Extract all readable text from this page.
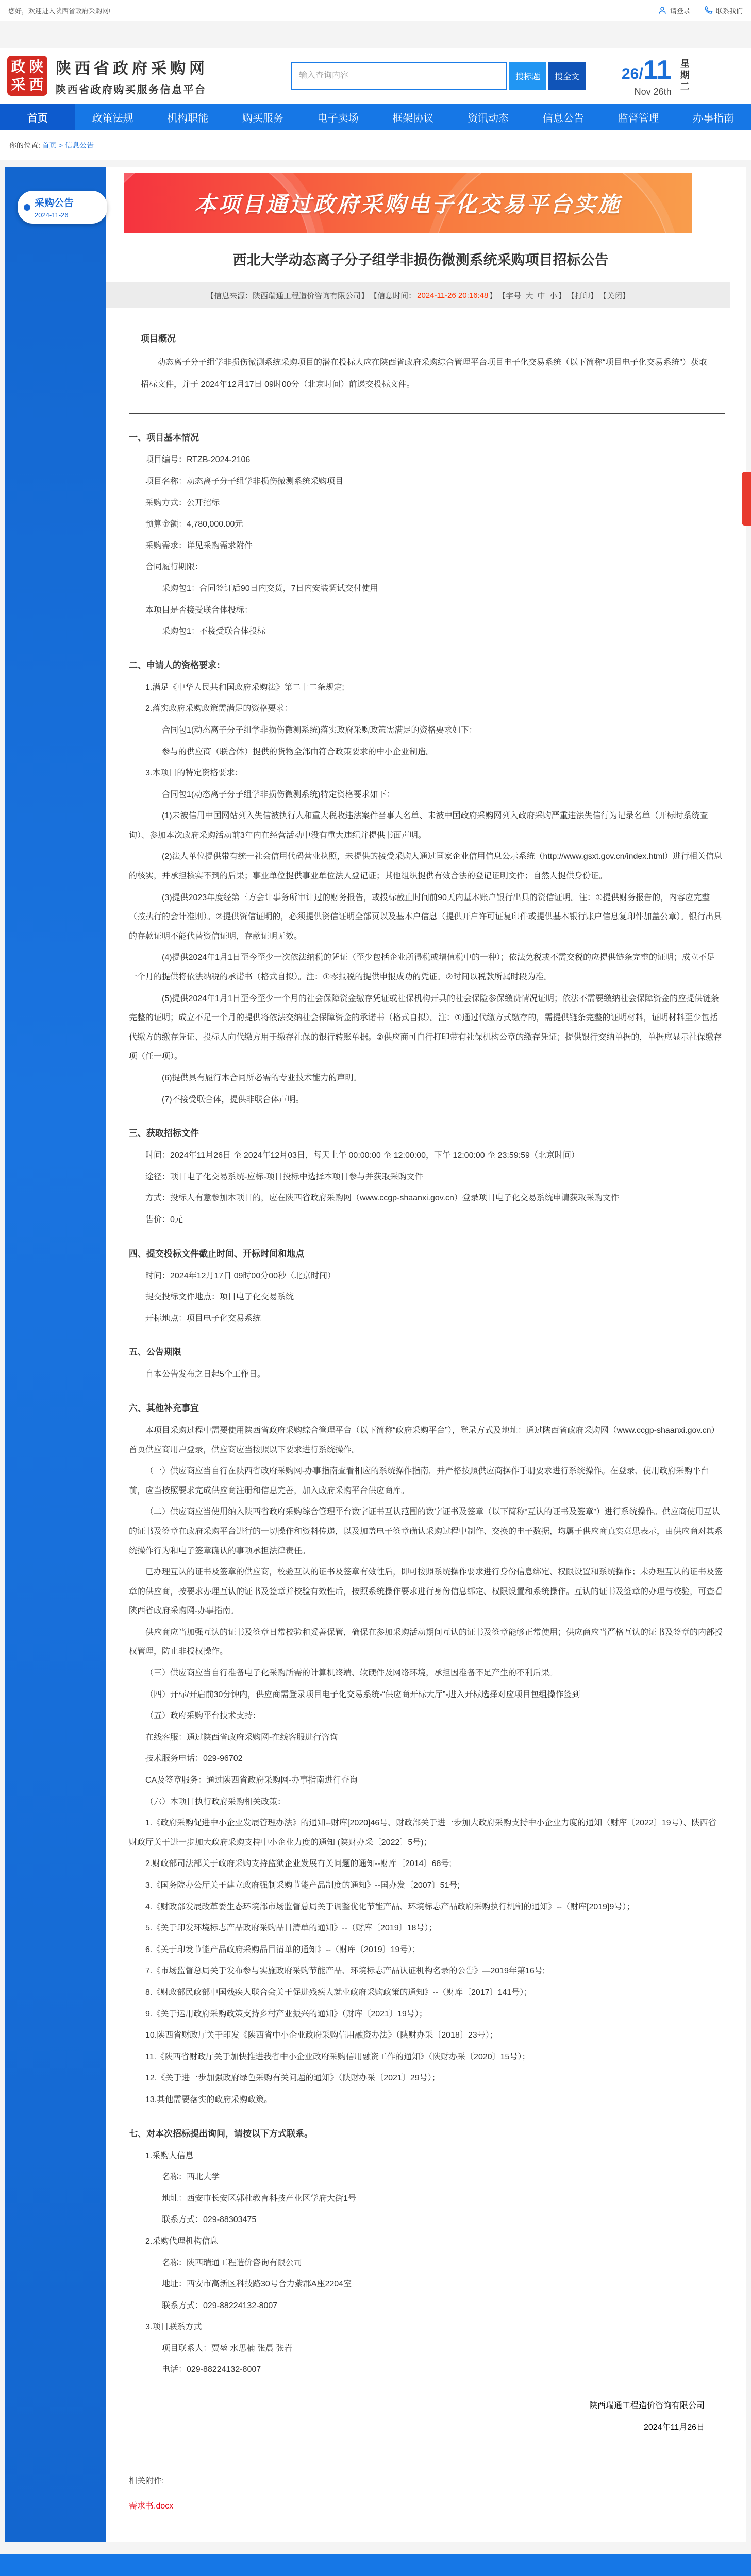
您好，欢迎进入陕西省政府采购网!	请登录	联系我们
政 陕
采 西
陕西省政府采购网
陕西省政府购买服务信息平台
输入查询内容
搜标题	搜全文	26/11
Nov 26th 星期二
首页	政策法规	机构职能	购买服务	电子卖场	框架协议	资讯动态	信息公告	监督管理	办事指南
你的位置: 首页 > 信息公告
采购公告
2024-11-26	本项目通过政府采购电子化交易平台实施
西北大学动态离子分子组学非损伤微测系统采购项目招标公告
【信息来源：陕西瑞通工程造价咨询有限公司】 【信息时间： 2024-11-26 20:16:48 】 【字号
大
中
小 】 【打印】 【关闭】
项目概况
动态离子分子组学非损伤微测系统采购项目的潜在投标人应在陕西省政府采购综合管理平台项目电子化交易系统（以下简称“项目电子化交易系统”）获取招标文件，并于 2024年12月17日 09时00分（北京时间）前递交投标文件。
一、项目基本情况
项目编号：RTZB-2024-2106
项目名称：动态离子分子组学非损伤微测系统采购项目
采购方式：公开招标
预算金额：4,780,000.00元
采购需求：详见采购需求附件
合同履行期限：
采购包1：合同签订后90日内交货，7日内安装调试交付使用
本项目是否接受联合体投标：
采购包1：不接受联合体投标
二、申请人的资格要求：
1.满足《中华人民共和国政府采购法》第二十二条规定;
2.落实政府采购政策需满足的资格要求：
合同包1(动态离子分子组学非损伤微测系统)落实政府采购政策需满足的资格要求如下：
参与的供应商（联合体）提供的货物全部由符合政策要求的中小企业制造。
3.本项目的特定资格要求：
合同包1(动态离子分子组学非损伤微测系统)特定资格要求如下：
(1)未被信用中国网站列入失信被执行人和重大税收违法案件当事人名单、未被中国政府采购网列入政府采购严重违法失信行为记录名单（开标时系统查询）、参加本次政府采购活动前3年内在经营活动中没有重大违纪并提供书面声明。
(2)法人单位提供带有统一社会信用代码营业执照，未提供的接受采购人通过国家企业信用信息公示系统（http://www.gsxt.gov.cn/index.html）进行相关信息的核实，并承担核实不到的后果；事业单位提供事业单位法人登记证；其他组织提供有效合法的登记证明文件；自然人提供身份证。
(3)提供2023年度经第三方会计事务所审计过的财务报告，或投标截止时间前90天内基本账户银行出具的资信证明。注：①提供财务报告的，内容应完整（按执行的会计准则）。②提供资信证明的，必须提供资信证明全部页以及基本户信息（提供开户许可证复印件或提供基本银行账户信息复印件加盖公章）。银行出具的存款证明不能代替资信证明，存款证明无效。
(4)提供2024年1月1日至今至少一次依法纳税的凭证（至少包括企业所得税或增值税中的一种）；依法免税或不需交税的应提供链条完整的证明；成立不足一个月的提供将依法纳税的承诺书（格式自拟）。注：①零报税的提供申报成功的凭证。②时间以税款所属时段为准。
(5)提供2024年1月1日至今至少一个月的社会保障资金缴存凭证或社保机构开具的社会保险参保缴费情况证明；依法不需要缴纳社会保障资金的应提供链条完整的证明；成立不足一个月的提供将依法交纳社会保障资金的承诺书（格式自拟）。注：①通过代缴方式缴存的，需提供链条完整的证明材料，证明材料至少包括代缴方的缴存凭证、投标人向代缴方用于缴存社保的银行转账单据。②供应商可自行打印带有社保机构公章的缴存凭证；提供银行交纳单据的，单据应显示社保缴存项（任一项）。
(6)提供具有履行本合同所必需的专业技术能力的声明。
(7)不接受联合体，提供非联合体声明。
三、获取招标文件
时间：2024年11月26日 至 2024年12月03日，每天上午 00:00:00 至 12:00:00，下午 12:00:00 至 23:59:59（北京时间）
途径：项目电子化交易系统-应标-项目投标中选择本项目参与并获取采购文件
方式：投标人有意参加本项目的，应在陕西省政府采购网（www.ccgp-shaanxi.gov.cn）登录项目电子化交易系统申请获取采购文件
售价：0元
四、提交投标文件截止时间、开标时间和地点
时间：2024年12月17日 09时00分00秒（北京时间）
提交投标文件地点：项目电子化交易系统
开标地点：项目电子化交易系统
五、公告期限
自本公告发布之日起5个工作日。
六、其他补充事宜
本项目采购过程中需要使用陕西省政府采购综合管理平台（以下简称“政府采购平台”），登录方式及地址：通过陕西省政府采购网（www.ccgp-shaanxi.gov.cn）首页供应商用户登录，供应商应当按照以下要求进行系统操作。
（一）供应商应当自行在陕西省政府采购网-办事指南查看相应的系统操作指南，并严格按照供应商操作手册要求进行系统操作。在登录、使用政府采购平台前，应当按照要求完成供应商注册和信息完善，加入政府采购平台供应商库。
（二）供应商应当使用纳入陕西省政府采购综合管理平台数字证书互认范围的数字证书及签章（以下简称“互认的证书及签章”）进行系统操作。供应商使用互认的证书及签章在政府采购平台进行的一切操作和资料传递，以及加盖电子签章确认采购过程中制作、交换的电子数据，均属于供应商真实意思表示，由供应商对其系统操作行为和电子签章确认的事项承担法律责任。
已办理互认的证书及签章的供应商，校验互认的证书及签章有效性后，即可按照系统操作要求进行身份信息绑定、权限设置和系统操作；未办理互认的证书及签章的供应商，按要求办理互认的证书及签章并校验有效性后，按照系统操作要求进行身份信息绑定、权限设置和系统操作。互认的证书及签章的办理与校验，可查看陕西省政府采购网-办事指南。
供应商应当加强互认的证书及签章日常校验和妥善保管，确保在参加采购活动期间互认的证书及签章能够正常使用；供应商应当严格互认的证书及签章的内部授权管理，防止非授权操作。
（三）供应商应当自行准备电子化采购所需的计算机终端、软硬件及网络环境，承担因准备不足产生的不利后果。
（四）开标/开启前30分钟内，供应商需登录项目电子化交易系统-“供应商开标大厅”-进入开标选择对应项目包组操作签到
（五）政府采购平台技术支持：
在线客服：通过陕西省政府采购网-在线客服进行咨询
技术服务电话：029-96702
CA及签章服务：通过陕西省政府采购网-办事指南进行查询
（六）本项目执行政府采购相关政策：
1.《政府采购促进中小企业发展管理办法》的通知--财库[2020]46号、财政部关于进一步加大政府采购支持中小企业力度的通知（财库〔2022〕19号）、陕西省财政厅关于进一步加大政府采购支持中小企业力度的通知 (陕财办采〔2022〕5号)；
2.财政部司法部关于政府采购支持监狱企业发展有关问题的通知--财库〔2014〕68号;
3.《国务院办公厅关于建立政府强制采购节能产品制度的通知》--国办发〔2007〕51号;
4.《财政部发展改革委生态环境部市场监督总局关于调整优化节能产品、环境标志产品政府采购执行机制的通知》--（财库[2019]9号）；
5.《关于印发环境标志产品政府采购品目清单的通知》--（财库〔2019〕18号）；
6.《关于印发节能产品政府采购品目清单的通知》--（财库〔2019〕19号）；
7.《市场监督总局关于发布参与实施政府采购节能产品、环境标志产品认证机构名录的公告》—2019年第16号;
8.《财政部民政部中国残疾人联合会关于促进残疾人就业政府采购政策的通知》--（财库〔2017〕141号）；
9.《关于运用政府采购政策支持乡村产业振兴的通知》（财库〔2021〕19号）；
10.陕西省财政厅关于印发《陕西省中小企业政府采购信用融资办法》（陕财办采〔2018〕23号）；
11.《陕西省财政厅关于加快推进我省中小企业政府采购信用融资工作的通知》（陕财办采〔2020〕15号）；
12.《关于进一步加强政府绿色采购有关问题的通知》（陕财办采〔2021〕29号）；
13.其他需要落实的政府采购政策。
七、对本次招标提出询问，请按以下方式联系。
1.采购人信息
名称：西北大学
地址：西安市长安区郭杜教育科技产业区学府大街1号
联系方式：029-88303475
2.采购代理机构信息
名称：陕西瑞通工程造价咨询有限公司
地址：西安市高新区科技路30号合力紫郡A座2204室
联系方式：029-88224132-8007
3.项目联系方式
项目联系人：贾堃 水思楠 张晨 张岩
电话：029-88224132-8007
陕西瑞通工程造价咨询有限公司
2024年11月26日
相关附件:
需求书.docx
